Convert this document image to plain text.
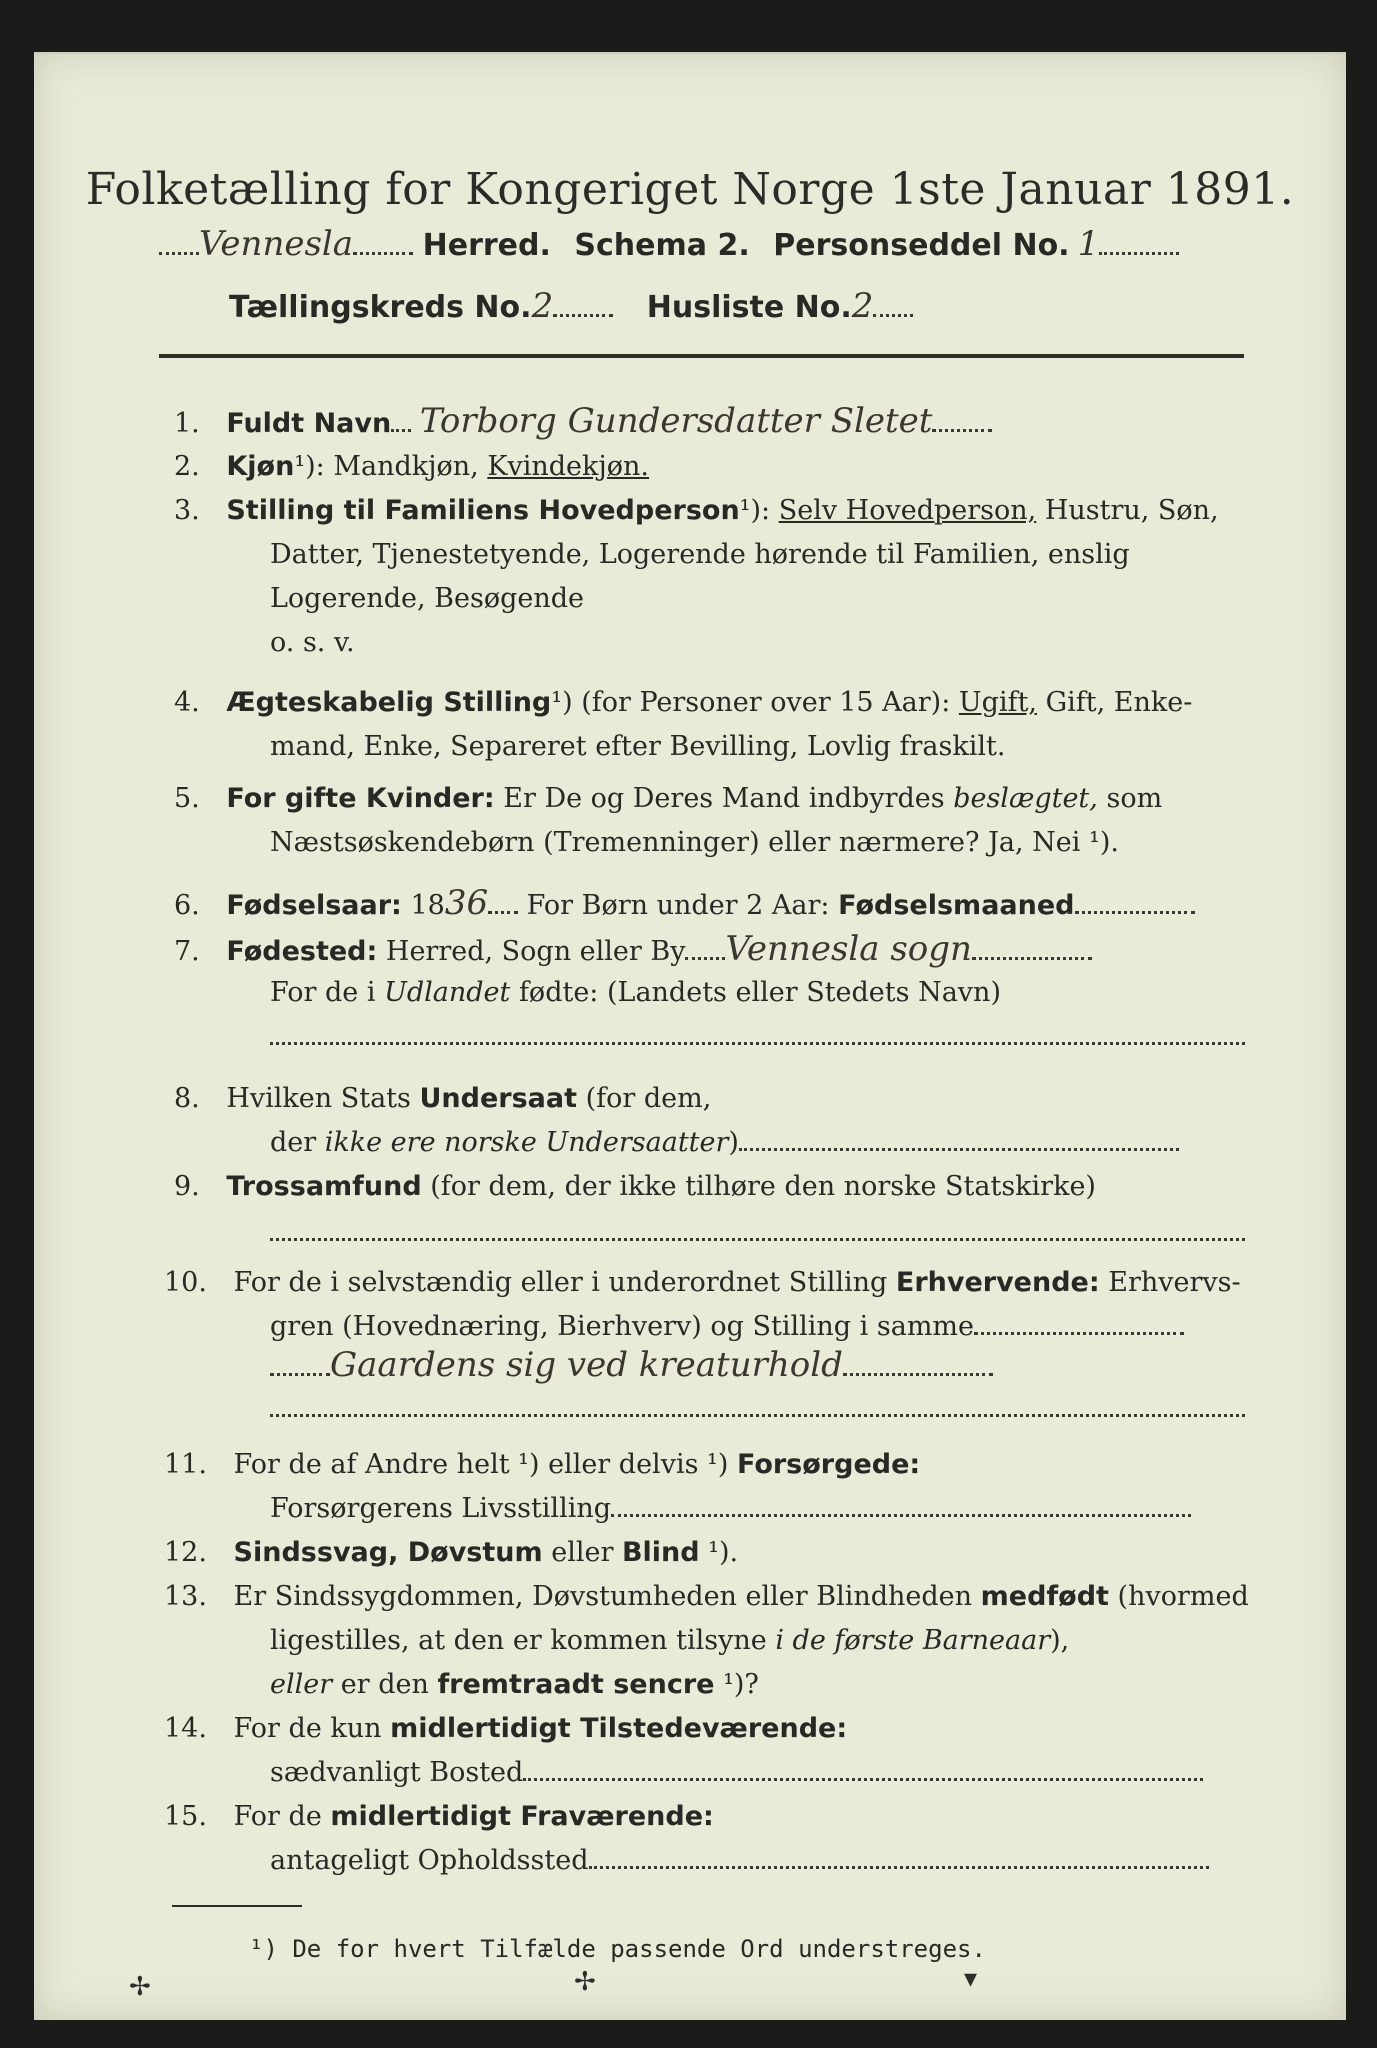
Folketælling for Kongeriget Norge 1ste Januar 1891.
Vennesla Herred. Schema 2. Personseddel No. 1
Tællingskreds No.2	Husliste No.2
1. Fuldt Navn Torborg Gundersdatter Sletet
2. Kjøn¹): Mandkjøn, Kvindekjøn.
3. Stilling til Familiens Hovedperson¹): Selv Hovedperson, Hustru, Søn,
Datter, Tjenestetyende, Logerende hørende til Familien, enslig
Logerende, Besøgende
o. s. v.
4. Ægteskabelig Stilling¹) (for Personer over 15 Aar): Ugift, Gift, Enke-
mand, Enke, Separeret efter Bevilling, Lovlig fraskilt.
5. For gifte Kvinder: Er De og Deres Mand indbyrdes beslægtet, som
Næstsøskendebørn (Tremenninger) eller nærmere? Ja, Nei ¹).
6. Fødselsaar: 1836 For Børn under 2 Aar: Fødselsmaaned
7. Fødested: Herred, Sogn eller By Vennesla sogn
For de i Udlandet fødte: (Landets eller Stedets Navn)
8. Hvilken Stats Undersaat (for dem,
der ikke ere norske Undersaatter)
9. Trossamfund (for dem, der ikke tilhøre den norske Statskirke)
10. For de i selvstændig eller i underordnet Stilling Erhvervende: Erhvervs-
gren (Hovednæring, Bierhverv) og Stilling i samme
Gaardens sig ved kreaturhold
11. For de af Andre helt ¹) eller delvis ¹) Forsørgede:
Forsørgerens Livsstilling
12. Sindssvag, Døvstum eller Blind ¹).
13. Er Sindssygdommen, Døvstumheden eller Blindheden medfødt (hvormed
ligestilles, at den er kommen tilsyne i de første Barneaar),
eller er den fremtraadt sencre ¹)?
14. For de kun midlertidigt Tilstedeværende:
sædvanligt Bosted
15. For de midlertidigt Fraværende:
antageligt Opholdssted
¹) De for hvert Tilfælde passende Ord understreges.
✢	✢	▾
